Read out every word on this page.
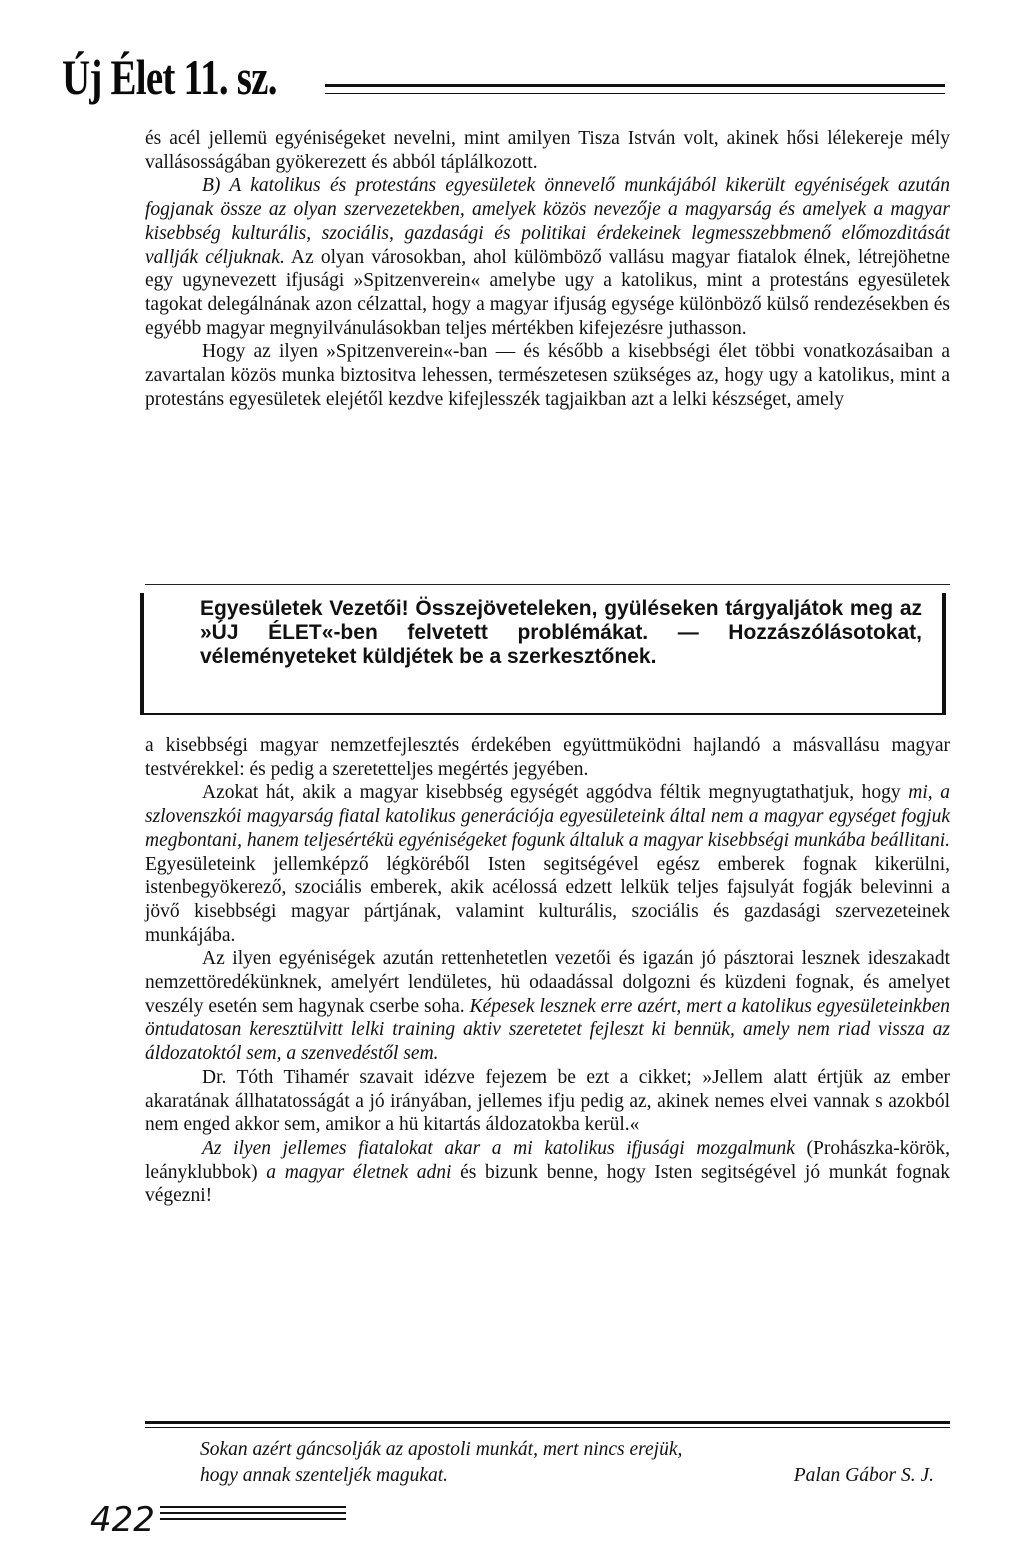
Új Élet 11. sz.

és acél jellemü egyéniségeket nevelni, mint amilyen Tisza István volt, akinek hősi lélekereje mély vallásosságában gyökerezett és abból táplálkozott.

B) A katolikus és protestáns egyesületek önnevelő munkájából kikerült egyéniségek azután fogjanak össze az olyan szervezetekben, amelyek közös nevezője a magyarság és amelyek a magyar kisebbség kulturális, szociális, gazdasági és politikai érdekeinek legmesszebbmenő előmozditását vallják céljuknak. Az olyan városokban, ahol külömböző vallásu magyar fiatalok élnek, létrejöhetne egy ugynevezett ifjusági »Spitzenverein« amelybe ugy a katolikus, mint a protestáns egyesületek tagokat delegálnának azon célzattal, hogy a magyar ifjuság egysége különböző külső rendezésekben és egyébb magyar megnyilvánulásokban teljes mértékben kifejezésre juthasson.

Hogy az ilyen »Spitzenverein«-ban — és később a kisebbségi élet többi vonatkozásaiban a zavartalan közös munka biztositva lehessen, természetesen szükséges az, hogy ugy a katolikus, mint a protestáns egyesületek elejétől kezdve kifejlesszék tagjaikban azt a lelki készséget, amely

Egyesületek Vezetői! Összejöveteleken, gyüléseken tárgyaljátok meg az »ÚJ ÉLET«-ben felvetett problémákat. — Hozzászólásotokat, véleményeteket küldjétek be a szerkesztőnek.

a kisebbségi magyar nemzetfejlesztés érdekében együttmüködni hajlandó a másvallásu magyar testvérekkel: és pedig a szeretetteljes megértés jegyében.

Azokat hát, akik a magyar kisebbség egységét aggódva féltik megnyugtathatjuk, hogy mi, a szlovenszkói magyarság fiatal katolikus generációja egyesületeink által nem a magyar egységet fogjuk megbontani, hanem teljesértékü egyéniségeket fogunk általuk a magyar kisebbségi munkába beállitani. Egyesületeink jellemképző légköréből Isten segitségével egész emberek fognak kikerülni, istenbegyökerező, szociális emberek, akik acélossá edzett lelkük teljes fajsulyát fogják belevinni a jövő kisebbségi magyar pártjának, valamint kulturális, szociális és gazdasági szervezeteinek munkájába.

Az ilyen egyéniségek azután rettenhetetlen vezetői és igazán jó pásztorai lesznek ideszakadt nemzettöredékünknek, amelyért lendületes, hü odaadással dolgozni és küzdeni fognak, és amelyet veszély esetén sem hagynak cserbe soha. Képesek lesznek erre azért, mert a katolikus egyesületeinkben öntudatosan keresztülvitt lelki training aktiv szeretetet fejleszt ki bennük, amely nem riad vissza az áldozatoktól sem, a szenvedéstől sem.

Dr. Tóth Tihamér szavait idézve fejezem be ezt a cikket; »Jellem alatt értjük az ember akaratának állhatatosságát a jó irányában, jellemes ifju pedig az, akinek nemes elvei vannak s azokból nem enged akkor sem, amikor a hü kitartás áldozatokba kerül.«

Az ilyen jellemes fiatalokat akar a mi katolikus ifjusági mozgalmunk (Prohászka-körök, leányklubbok) a magyar életnek adni és bizunk benne, hogy Isten segitségével jó munkát fognak végezni!

Sokan azért gáncsolják az apostoli munkát, mert nincs erejük,
hogy annak szenteljék magukat.	Palan Gábor S. J.
422
